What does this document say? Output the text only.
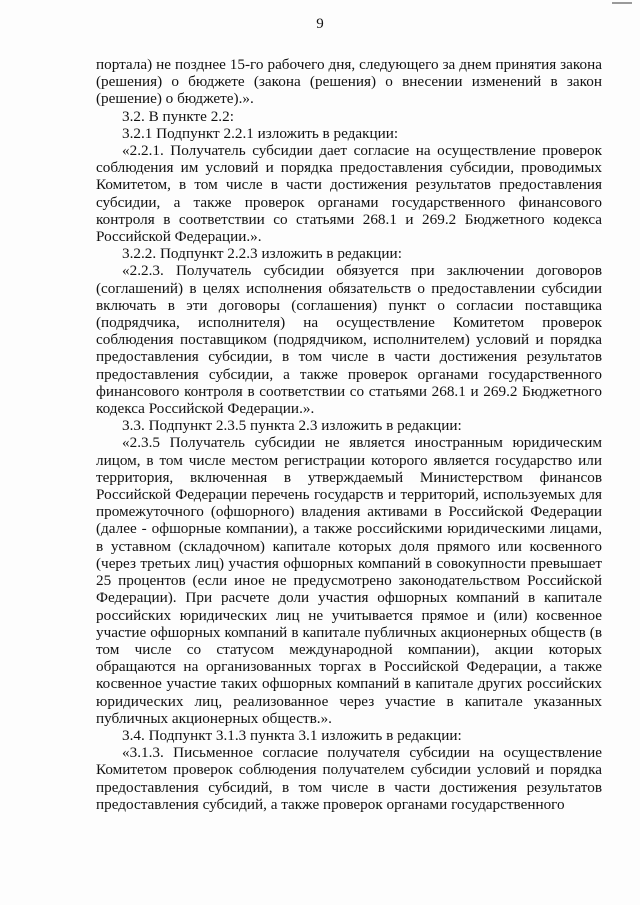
9

портала) не позднее 15-го рабочего дня, следующего за днем принятия закона (решения) о бюджете (закона (решения) о внесении изменений в закон (решение) о бюджете).».

3.2. В пункте 2.2:

3.2.1 Подпункт 2.2.1 изложить в редакции:

«2.2.1. Получатель субсидии дает согласие на осуществление проверок соблюдения им условий и порядка предоставления субсидии, проводимых Комитетом, в том числе в части достижения результатов предоставления субсидии, а также проверок органами государственного финансового контроля в соответствии со статьями 268.1 и 269.2 Бюджетного кодекса Российской Федерации.».

3.2.2. Подпункт 2.2.3 изложить в редакции:

«2.2.3. Получатель субсидии обязуется при заключении договоров (соглашений) в целях исполнения обязательств о предоставлении субсидии включать в эти договоры (соглашения) пункт о согласии поставщика (подрядчика, исполнителя) на осуществление Комитетом проверок соблюдения поставщиком (подрядчиком, исполнителем) условий и порядка предоставления субсидии, в том числе в части достижения результатов предоставления субсидии, а также проверок органами государственного финансового контроля в соответствии со статьями 268.1 и 269.2 Бюджетного кодекса Российской Федерации.».

3.3. Подпункт 2.3.5 пункта 2.3 изложить в редакции:

«2.3.5 Получатель субсидии не является иностранным юридическим лицом, в том числе местом регистрации которого является государство или территория, включенная в утверждаемый Министерством финансов Российской Федерации перечень государств и территорий, используемых для промежуточного (офшорного) владения активами в Российской Федерации (далее - офшорные компании), а также российскими юридическими лицами, в уставном (складочном) капитале которых доля прямого или косвенного (через третьих лиц) участия офшорных компаний в совокупности превышает 25 процентов (если иное не предусмотрено законодательством Российской Федерации). При расчете доли участия офшорных компаний в капитале российских юридических лиц не учитывается прямое и (или) косвенное участие офшорных компаний в капитале публичных акционерных обществ (в том числе со статусом международной компании), акции которых обращаются на организованных торгах в Российской Федерации, а также косвенное участие таких офшорных компаний в капитале других российских юридических лиц, реализованное через участие в капитале указанных публичных акционерных обществ.».

3.4. Подпункт 3.1.3 пункта 3.1 изложить в редакции:

«3.1.3. Письменное согласие получателя субсидии на осуществление Комитетом проверок соблюдения получателем субсидии условий и порядка предоставления субсидий, в том числе в части достижения результатов предоставления субсидий, а также проверок органами государственного
